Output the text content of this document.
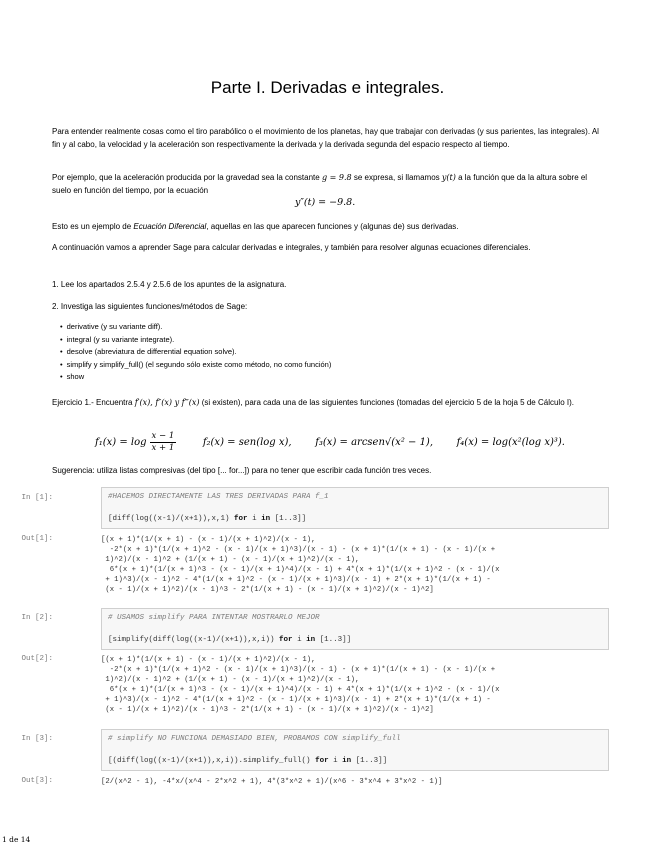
Parte I. Derivadas e integrales.

Para entender realmente cosas como el tiro parabólico o el movimiento de los planetas, hay que trabajar con derivadas (y sus parientes, las integrales). Al fin y al cabo, la velocidad y la aceleración son respectivamente la derivada y la derivada segunda del espacio respecto al tiempo.

Por ejemplo, que la aceleración producida por la gravedad sea la constante g = 9.8 se expresa, si llamamos y(t) a la función que da la altura sobre el suelo en función del tiempo, por la ecuación

y″(t) = −9.8.

Esto es un ejemplo de Ecuación Diferencial, aquellas en las que aparecen funciones y (algunas de) sus derivadas.

A continuación vamos a aprender Sage para calcular derivadas e integrales, y también para resolver algunas ecuaciones diferenciales.

1. Lee los apartados 2.5.4 y 2.5.6 de los apuntes de la asignatura.

2. Investiga las siguientes funciones/métodos de Sage:

• derivative (y su variante diff).
• integral (y su variante integrate).
• desolve (abreviatura de differential equation solve).
• simplify y simplify_full() (el segundo sólo existe como método, no como función)
• show

Ejercicio 1.- Encuentra f′(x), f″(x) y f‴(x) (si existen), para cada una de las siguientes funciones (tomadas del ejercicio 5 de la hoja 5 de Cálculo I).

$f_1(x) = \log \frac{x - 1}{x + 1}$	f₂(x) = sen(log x), f₃(x) = arcsen√(x² − 1), f₄(x) = log(x²(log x)³).

Sugerencia: utiliza listas compresivas (del tipo [... for...]) para no tener que escribir cada función tres veces.

In [1]:	#HACEMOS DIRECTAMENTE LAS TRES DERIVADAS PARA f_1
[diff(log((x-1)/(x+1)),x,1) for i in [1..3]]
Out[1]:	[(x + 1)*(1/(x + 1) - (x - 1)/(x + 1)^2)/(x - 1),
-2*(x + 1)*(1/(x + 1)^2 - (x - 1)/(x + 1)^3)/(x - 1) - (x + 1)*(1/(x + 1) - (x - 1)/(x +
1)^2)/(x - 1)^2 + (1/(x + 1) - (x - 1)/(x + 1)^2)/(x - 1),
6*(x + 1)*(1/(x + 1)^3 - (x - 1)/(x + 1)^4)/(x - 1) + 4*(x + 1)*(1/(x + 1)^2 - (x - 1)/(x
+ 1)^3)/(x - 1)^2 - 4*(1/(x + 1)^2 - (x - 1)/(x + 1)^3)/(x - 1) + 2*(x + 1)*(1/(x + 1) -
(x - 1)/(x + 1)^2)/(x - 1)^3 - 2*(1/(x + 1) - (x - 1)/(x + 1)^2)/(x - 1)^2]
In [2]:	# USAMOS simplify PARA INTENTAR MOSTRARLO MEJOR
[simplify(diff(log((x-1)/(x+1)),x,i)) for i in [1..3]]
Out[2]:	[(x + 1)*(1/(x + 1) - (x - 1)/(x + 1)^2)/(x - 1),
-2*(x + 1)*(1/(x + 1)^2 - (x - 1)/(x + 1)^3)/(x - 1) - (x + 1)*(1/(x + 1) - (x - 1)/(x +
1)^2)/(x - 1)^2 + (1/(x + 1) - (x - 1)/(x + 1)^2)/(x - 1),
6*(x + 1)*(1/(x + 1)^3 - (x - 1)/(x + 1)^4)/(x - 1) + 4*(x + 1)*(1/(x + 1)^2 - (x - 1)/(x
+ 1)^3)/(x - 1)^2 - 4*(1/(x + 1)^2 - (x - 1)/(x + 1)^3)/(x - 1) + 2*(x + 1)*(1/(x + 1) -
(x - 1)/(x + 1)^2)/(x - 1)^3 - 2*(1/(x + 1) - (x - 1)/(x + 1)^2)/(x - 1)^2]
In [3]:	# simplify NO FUNCIONA DEMASIADO BIEN, PROBAMOS CON simplify_full
[(diff(log((x-1)/(x+1)),x,i)).simplify_full() for i in [1..3]]
Out[3]:	[2/(x^2 - 1), -4*x/(x^4 - 2*x^2 + 1), 4*(3*x^2 + 1)/(x^6 - 3*x^4 + 3*x^2 - 1)]
1 de 14
